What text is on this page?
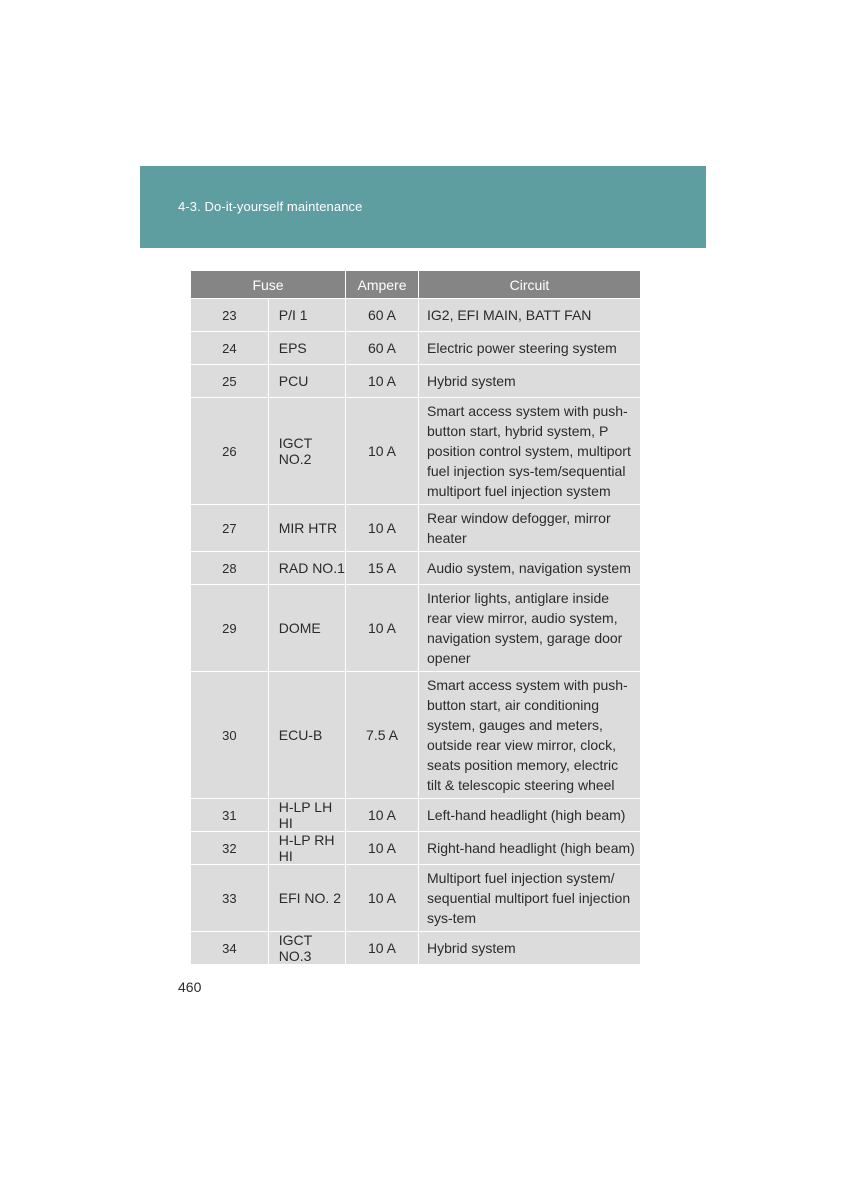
4-3. Do-it-yourself maintenance
Fuse		Ampere	Circuit
23	P/I 1	60 A	IG2, EFI MAIN, BATT FAN
24	EPS	60 A	Electric power steering system
25	PCU	10 A	Hybrid system
26	IGCT NO.2	10 A	Smart access system with push-button start, hybrid system, P position control system, multiport fuel injection sys-tem/sequential multiport fuel injection system
27	MIR HTR	10 A	Rear window defogger, mirror heater
28	RAD NO.1	15 A	Audio system, navigation system
29	DOME	10 A	Interior lights, antiglare inside rear view mirror, audio system, navigation system, garage door opener
30	ECU-B	7.5 A	Smart access system with push-button start, air conditioning system, gauges and meters, outside rear view mirror, clock, seats position memory, electric tilt & telescopic steering wheel
31	H-LP LH HI	10 A	Left-hand headlight (high beam)
32	H-LP RH HI	10 A	Right-hand headlight (high beam)
33	EFI NO. 2	10 A	Multiport fuel injection system/ sequential multiport fuel injection sys-tem
34	IGCT NO.3	10 A	Hybrid system
460
